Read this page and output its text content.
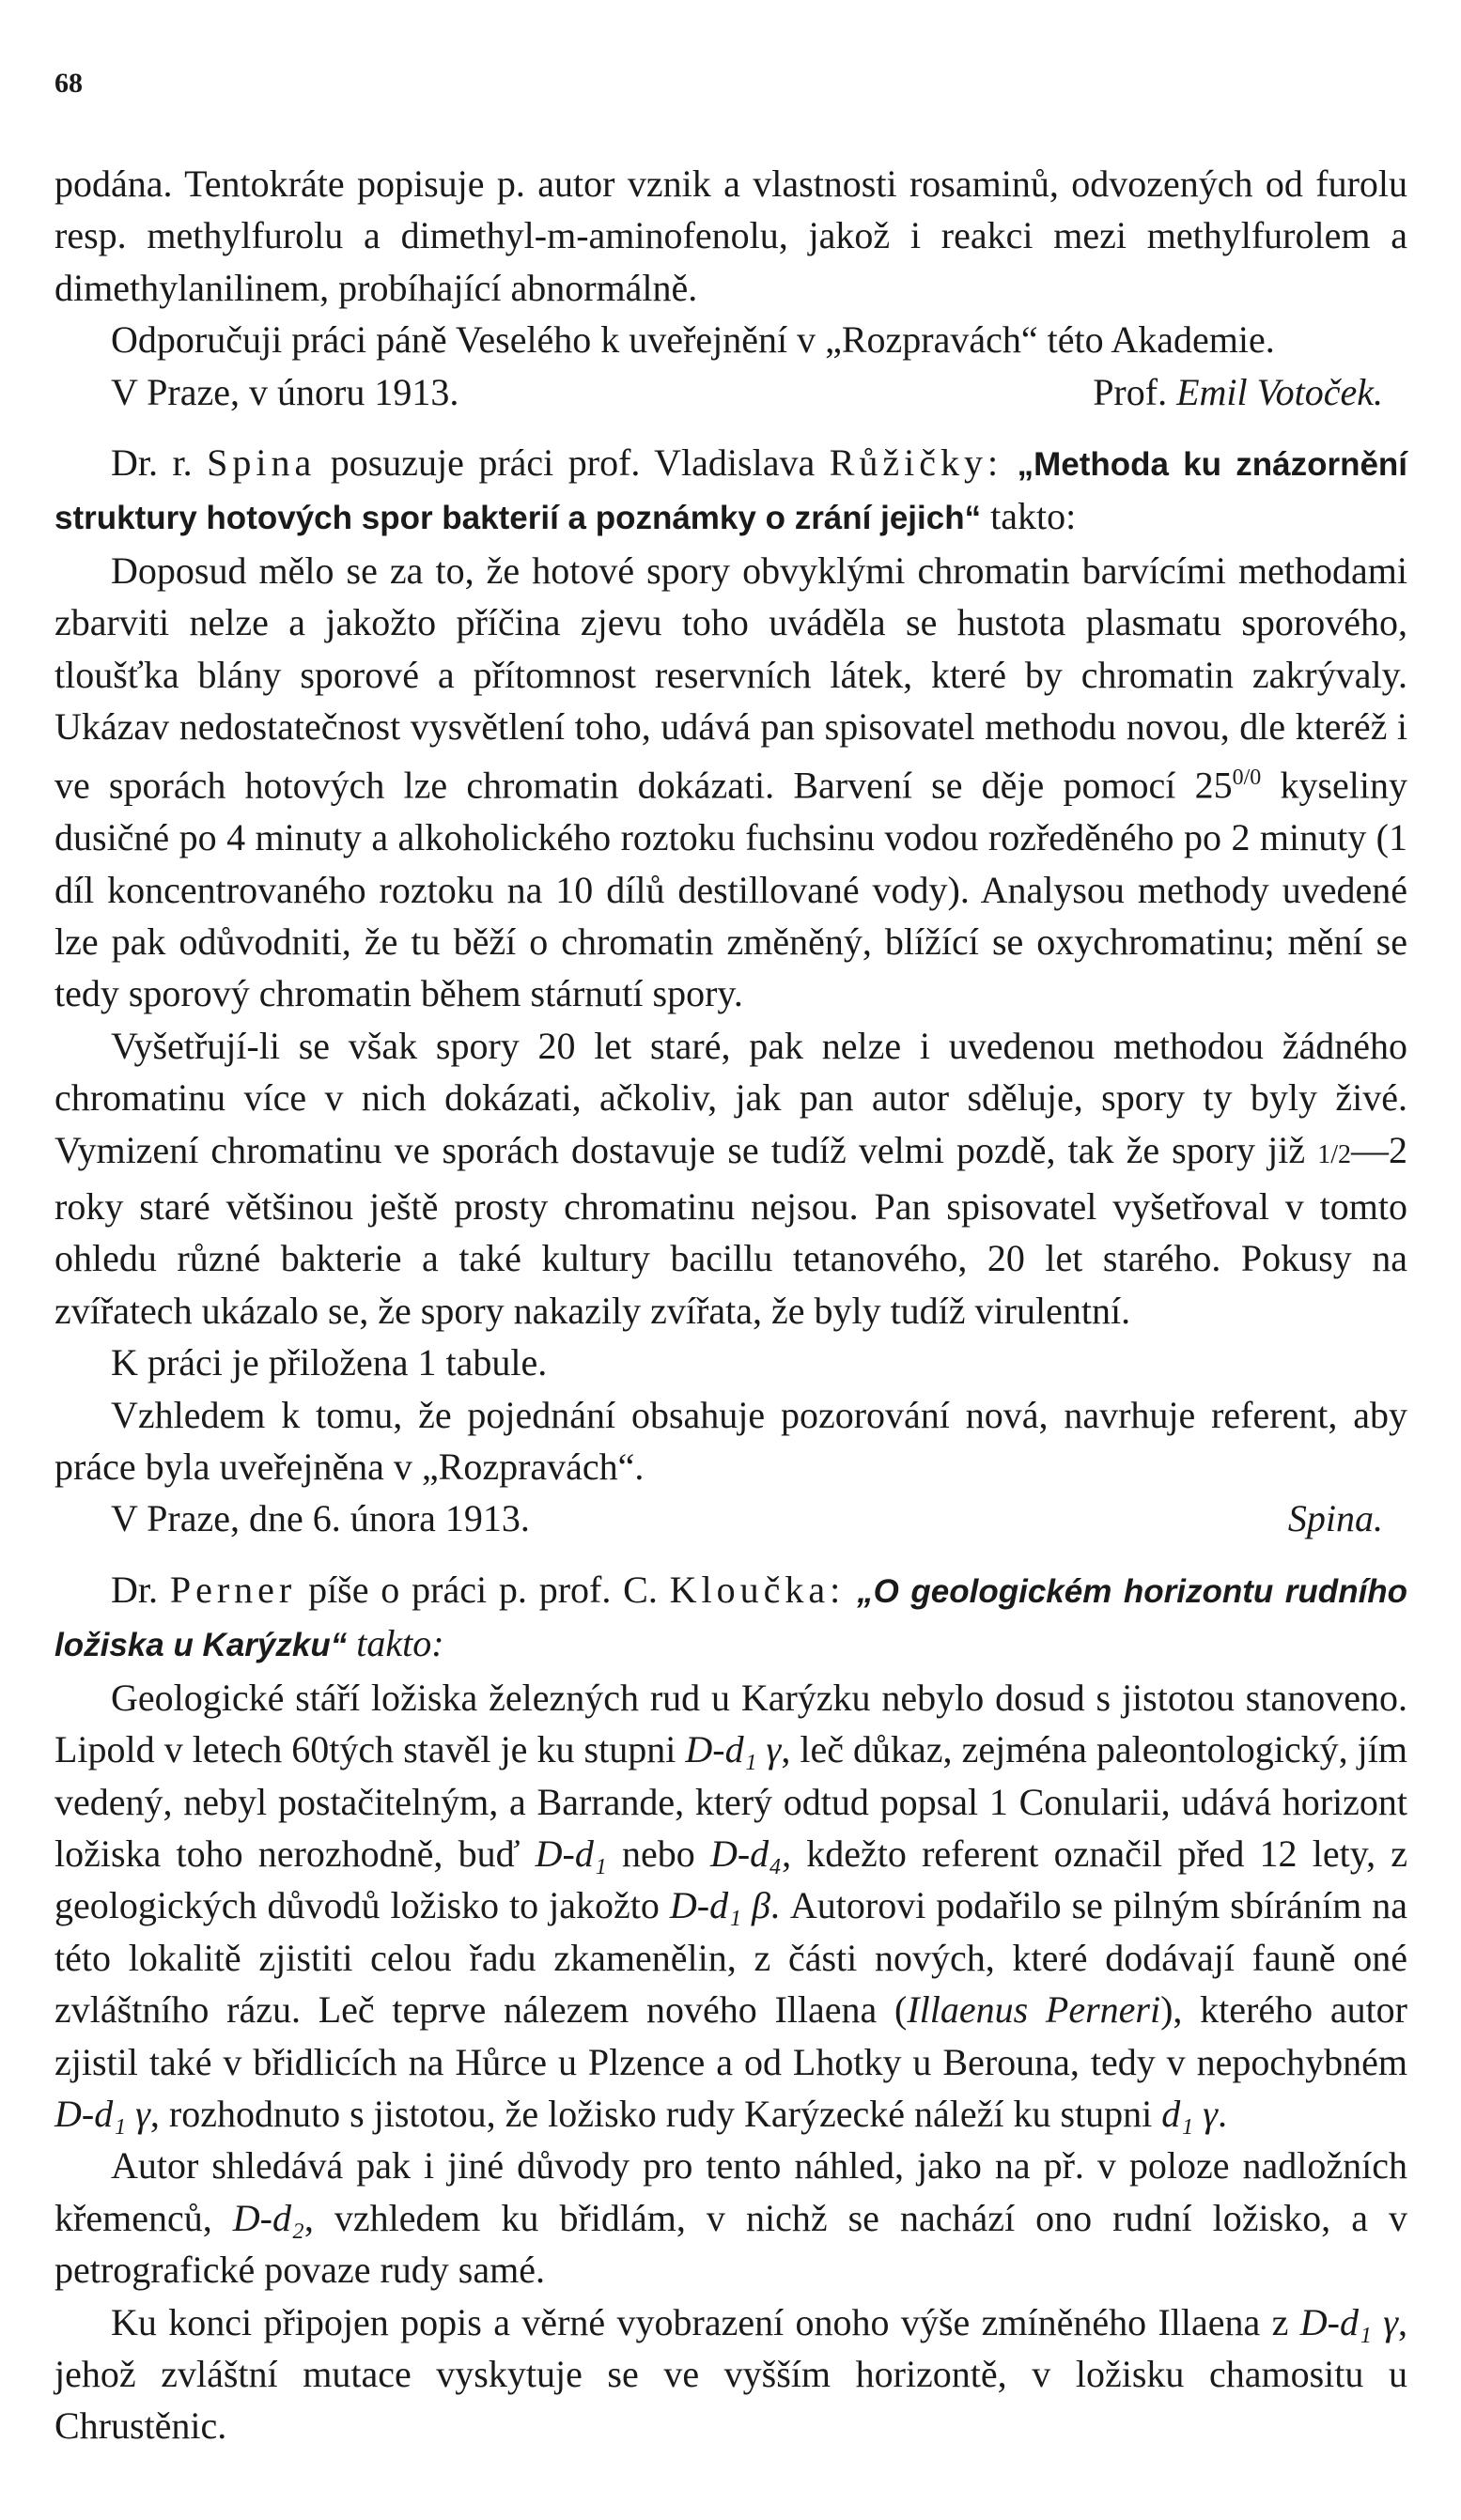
68

podána. Tentokráte popisuje p. autor vznik a vlastnosti rosaminů, odvozených od furolu resp. methylfurolu a dimethyl-m-aminofenolu, jakož i reakci mezi methylfurolem a dimethylanilinem, probíhající abnormálně.

Odporučuji práci páně Veselého k uveřejnění v „Rozpravách“ této Akademie.

V Praze, v únoru 1913.	Prof. Emil Votoček.

Dr. r. Spina posuzuje práci prof. Vladislava Růžičky: „Methoda ku znázornění struktury hotových spor bakterií a poznámky o zrání jejich“ takto:

Doposud mělo se za to, že hotové spory obvyklými chromatin barvícími methodami zbarviti nelze a jakožto příčina zjevu toho uváděla se hustota plasmatu sporového, tloušťka blány sporové a přítomnost reservních látek, které by chromatin zakrývaly. Ukázav nedostatečnost vysvětlení toho, udává pan spisovatel methodu novou, dle kteréž i ve sporách hotových lze chromatin dokázati. Barvení se děje pomocí $25^{0/0}$ kyseliny dusičné po 4 minuty a alkoholického roztoku fuchsinu vodou rozředěného po 2 minuty (1 díl koncentrovaného roztoku na 10 dílů destillované vody). Analysou methody uvedené lze pak odůvodniti, že tu běží o chromatin změněný, blížící se oxychromatinu; mění se tedy sporový chromatin během stárnutí spory.

Vyšetřují-li se však spory 20 let staré, pak nelze i uvedenou methodou žádného chromatinu více v nich dokázati, ačkoliv, jak pan autor sděluje, spory ty byly živé. Vymizení chromatinu ve sporách dostavuje se tudíž velmi pozdě, tak že spory již 1/2—2 roky staré většinou ještě prosty chromatinu nejsou. Pan spisovatel vyšetřoval v tomto ohledu různé bakterie a také kultury bacillu tetanového, 20 let starého. Pokusy na zvířatech ukázalo se, že spory nakazily zvířata, že byly tudíž virulentní.

K práci je přiložena 1 tabule.

Vzhledem k tomu, že pojednání obsahuje pozorování nová, navrhuje referent, aby práce byla uveřejněna v „Rozpravách“.

V Praze, dne 6. února 1913.	Spina.

Dr. Perner píše o práci p. prof. C. Kloučka: „O geologickém horizontu rudního ložiska u Karýzku“ takto:

Geologické stáří ložiska železných rud u Karýzku nebylo dosud s jistotou stanoveno. Lipold v letech 60tých stavěl je ku stupni D-d₁ γ, leč důkaz, zejména paleontologický, jím vedený, nebyl postačitelným, a Barrande, který odtud popsal 1 Conularii, udává horizont ložiska toho nerozhodně, buď D-d₁ nebo D-d₄, kdežto referent označil před 12 lety, z geologických důvodů ložisko to jakožto D-d₁ β. Autorovi podařilo se pilným sbíráním na této lokalitě zjistiti celou řadu zkamenělin, z části nových, které dodávají fauně oné zvláštního rázu. Leč teprve nálezem nového Illaena (Illaenus Perneri), kterého autor zjistil také v břidlicích na Hůrce u Plzence a od Lhotky u Berouna, tedy v nepochybném D-d₁ γ, rozhodnuto s jistotou, že ložisko rudy Karýzecké náleží ku stupni d₁ γ.

Autor shledává pak i jiné důvody pro tento náhled, jako na př. v poloze nadložních křemenců, D-d₂, vzhledem ku břidlám, v nichž se nachází ono rudní ložisko, a v petrografické povaze rudy samé.

Ku konci připojen popis a věrné vyobrazení onoho výše zmíněného Illaena z D-d₁ γ, jehož zvláštní mutace vyskytuje se ve vyšším horizontě, v ložisku chamositu u Chrustěnic.
